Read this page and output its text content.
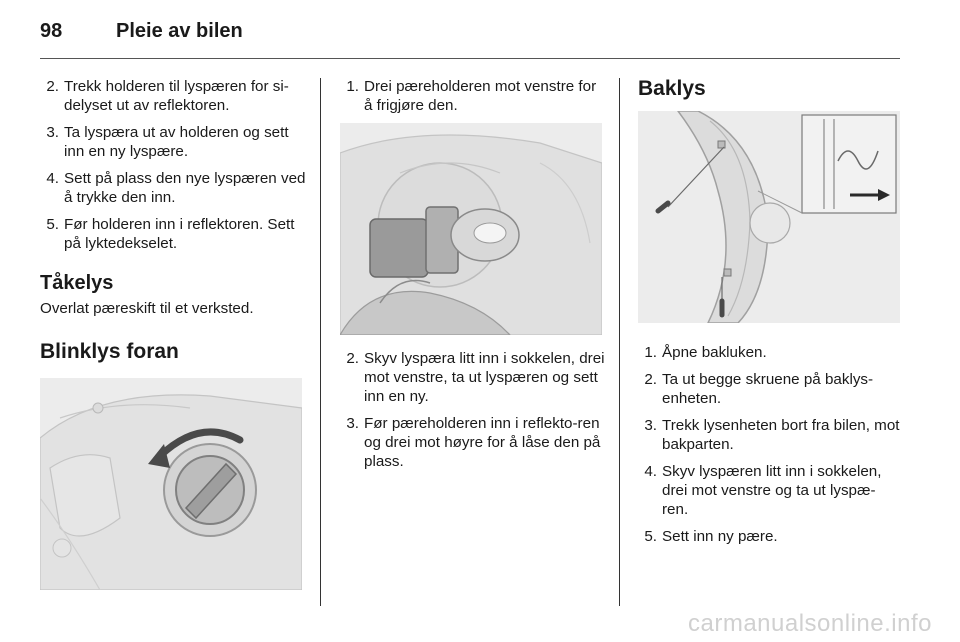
98	Pleie av bilen
2. Trekk holderen til lyspæren for si-delyset ut av reflektoren.
3. Ta lyspæra ut av holderen og sett inn en ny lyspære.
4. Sett på plass den nye lyspæren ved å trykke den inn.
5. Før holderen inn i reflektoren. Sett på lyktedekselet.
Tåkelys

Overlat pæreskift til et verksted.

Blinklys foran
1. Drei pæreholderen mot venstre for å frigjøre den.
2. Skyv lyspæra litt inn i sokkelen, drei mot venstre, ta ut lyspæren og sett inn en ny.
3. Før pæreholderen inn i reflekto-ren og drei mot høyre for å låse den på plass.
Baklys
1. Åpne bakluken.
2. Ta ut begge skruene på baklys-enheten.
3. Trekk lysenheten bort fra bilen, mot bakparten.
4. Skyv lyspæren litt inn i sokkelen, drei mot venstre og ta ut lyspæ-ren.
5. Sett inn ny pære.
carmanualsonline.info
